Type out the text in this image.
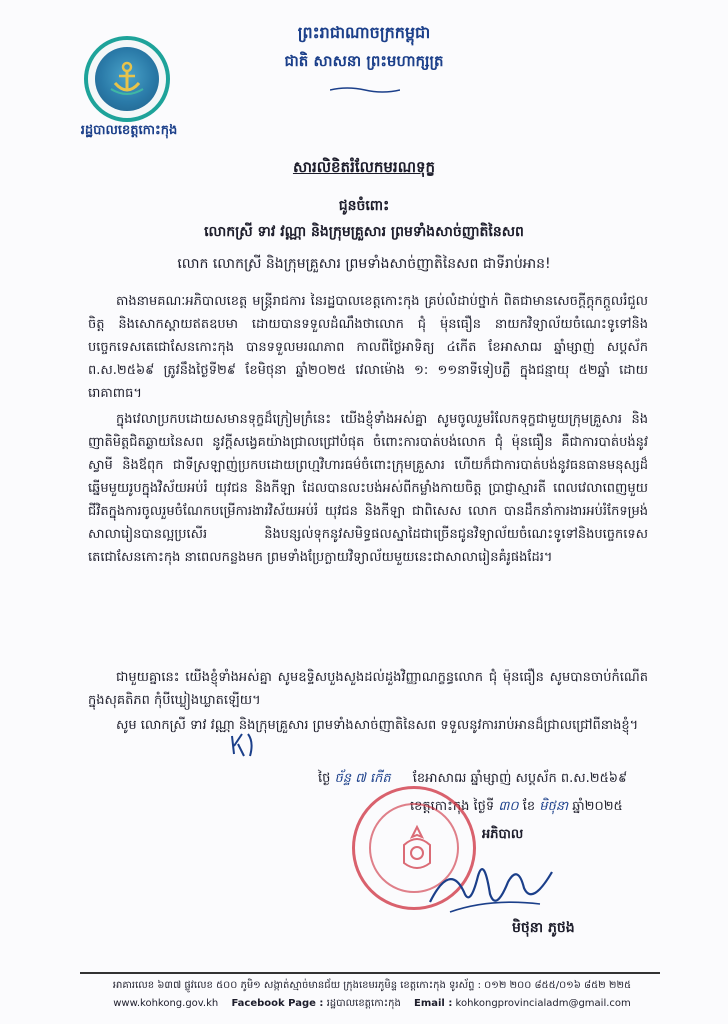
រដ្ឋបាលខេត្តកោះកុង
ព្រះរាជាណាចក្រកម្ពុជា
ជាតិ សាសនា ព្រះមហាក្សត្រ
សារលិខិតរំលែកមរណទុក្ខ
ជូនចំពោះ
លោកស្រី ទាវ វណ្ណា និងក្រុមគ្រួសារ ព្រមទាំងសាច់ញាតិនៃសព
លោក លោកស្រី និងក្រុមគ្រួសារ ព្រមទាំងសាច់ញាតិនៃសព ជាទីរាប់អាន!
តាងនាមគណៈអភិបាលខេត្ត មន្ត្រីរាជការ នៃរដ្ឋបាលខេត្តកោះកុង គ្រប់លំដាប់ថ្នាក់ ពិតជាមានសេចក្តីក្តុកក្តួលរំជួលចិត្ត និងសោកស្តាយឥតឧបមា ដោយបានទទួលដំណឹងថាលោក ជុំ ម៉ុនធឿន នាយកវិទ្យាល័យចំណេះទូទៅនិងបច្ចេកទេសតេជោសែនកោះកុង បានទទួលមរណភាព កាលពីថ្ងៃអាទិត្យ ៤កើត ខែអាសាឍ ឆ្នាំម្សាញ់ សប្តស័ក ព.ស.២៥៦៩ ត្រូវនឹងថ្ងៃទី២៩ ខែមិថុនា ឆ្នាំ២០២៥ វេលាម៉ោង ១: ១១នាទីទៀបភ្លឺ ក្នុងជន្មាយុ ៥២ឆ្នាំ ដោយរោគាពាធ។
ក្នុងវេលាប្រកបដោយសមានទុក្ខដ៏ក្រៀមក្រំនេះ យើងខ្ញុំទាំងអស់គ្នា សូមចូលរួមរំលែកទុក្ខជាមួយក្រុមគ្រួសារ និងញាតិមិត្តជិតឆ្ងាយនៃសព នូវក្តីសង្វេគយ៉ាងជ្រាលជ្រៅបំផុត ចំពោះការបាត់បង់លោក ជុំ ម៉ុនធឿន គឺជាការបាត់បង់នូវស្វាមី និងឪពុក ជាទីស្រឡាញ់ប្រកបដោយព្រហ្មវិហារធម៌ចំពោះក្រុមគ្រួសារ ហើយក៏ជាការបាត់បង់នូវធនធានមនុស្សដ៏ឆ្នើមមួយរូបក្នុងវិស័យអប់រំ យុវជន និងកីឡា ដែលបានលះបង់អស់ពីកម្លាំងកាយចិត្ត ប្រាជ្ញាស្មារតី ពេលវេលាពេញមួយជីវិតក្នុងការចូលរួមចំណែកបម្រើការងារវិស័យអប់រំ យុវជន និងកីឡា ជាពិសេស លោក បានដឹកនាំការងារអប់រំកែទម្រង់សាលារៀនបានល្អប្រសើរ និងបន្សល់ទុកនូវសមិទ្ធផលស្នាដៃជាច្រើនជូនវិទ្យាល័យចំណេះទូទៅនិងបច្ចេកទេសតេជោសែនកោះកុង នាពេលកន្លងមក ព្រមទាំងប្រែក្លាយវិទ្យាល័យមួយនេះជាសាលារៀនគំរូផងដែរ។
ជាមួយគ្នានេះ យើងខ្ញុំទាំងអស់គ្នា សូមឧទ្ទិសបួងសួងដល់ដួងវិញ្ញាណក្ខន្ធលោក ជុំ ម៉ុនធឿន សូមបានចាប់កំណើតក្នុងសុគតិភព កុំបីឃ្លៀងឃ្លាតឡើយ។
សូម លោកស្រី ទាវ វណ្ណា និងក្រុមគ្រួសារ ព្រមទាំងសាច់ញាតិនៃសព ទទួលនូវការរាប់អានដ៏ជ្រាលជ្រៅពីនាងខ្ញុំ។
ថ្ងៃ ច័ន្ទ ៧ កើត ខែអាសាឍ ឆ្នាំម្សាញ់ សប្តស័ក ព.ស.២៥៦៩
ខេត្តកោះកុង ថ្ងៃទី ៣០ ខែ មិថុនា ឆ្នាំ២០២៥
អភិបាល
មិថុនា ភូថង
អាគារលេខ ៦៣៧ ផ្លូវលេខ ៥០០ ភូមិ១ សង្កាត់ស្មាច់មានជ័យ ក្រុងខេមរភូមិន្ទ ខេត្តកោះកុង ទូរស័ព្ទ : ០១២ ២០០ ៨៥៥/០១៦ ៨៥២ ២២៥
www.kohkong.gov.kh Facebook Page : រដ្ឋបាលខេត្តកោះកុង Email : kohkongprovincialadm@gmail.com
